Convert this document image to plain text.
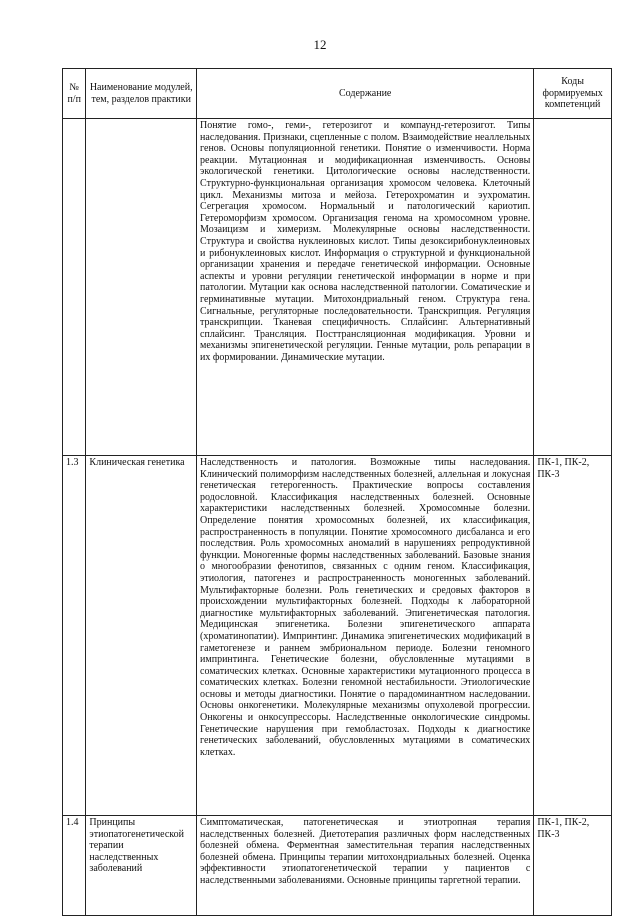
12
№ п/п	Наименование модулей, тем, разделов практики	Содержание	Коды формируемых компетенций
		Понятие гомо-, геми-, гетерозигот и компаунд-гетерозигот. Типы наследования. Признаки, сцепленные с полом. Взаимодействие неаллельных генов. Основы популяционной генетики. Понятие о изменчивости. Норма реакции. Мутационная и модификационная изменчивость. Основы экологической генетики. Цитологические основы наследственности. Структурно-функциональная организация хромосом человека. Клеточный цикл. Механизмы митоза и мейоза. Гетерохроматин и эухроматин. Сегрегация хромосом. Нормальный и патологический кариотип. Гетероморфизм хромосом. Организация генома на хромосомном уровне. Мозаицизм и химеризм. Молекулярные основы наследственности. Структура и свойства нуклеиновых кислот. Типы дезоксирибонуклеиновых и рибонуклеиновых кислот. Информация о структурной и функциональной организации хранения и передаче генетической информации. Основные аспекты и уровни регуляции генетической информации в норме и при патологии. Мутации как основа наследственной патологии. Соматические и герминативные мутации. Митохондриальный геном. Структура гена. Сигнальные, регуляторные последовательности. Транскрипция. Регуляция транскрипции. Тканевая специфичность. Сплайсинг. Альтернативный сплайсинг. Трансляция. Посттрансляционная модификация. Уровни и механизмы эпигенетической регуляции. Генные мутации, роль репарации в их формировании. Динамические мутации.	
1.3	Клиническая генетика	Наследственность и патология. Возможные типы наследования. Клинический полиморфизм наследственных болезней, аллельная и локусная генетическая гетерогенность. Практические вопросы составления родословной. Классификация наследственных болезней. Основные характеристики наследственных болезней. Хромосомные болезни. Определение понятия хромосомных болезней, их классификация, распространенность в популяции. Понятие хромосомного дисбаланса и его последствия. Роль хромосомных аномалий в нарушениях репродуктивной функции. Моногенные формы наследственных заболеваний. Базовые знания о многообразии фенотипов, связанных с одним геном. Классификация, этиология, патогенез и распространенность моногенных заболеваний. Мультифакторные болезни. Роль генетических и средовых факторов в происхождении мультифакторных болезней. Подходы к лабораторной диагностике мультифакторных заболеваний. Эпигенетическая патология. Медицинская эпигенетика. Болезни эпигенетического аппарата (хроматинопатии). Импринтинг. Динамика эпигенетических модификаций в гаметогенезе и раннем эмбриональном периоде. Болезни геномного импринтинга. Генетические болезни, обусловленные мутациями в соматических клетках. Основные характеристики мутационного процесса в соматических клетках. Болезни геномной нестабильности. Этиологические основы и методы диагностики. Понятие о парадоминантном наследовании. Основы онкогенетики. Молекулярные механизмы опухолевой прогрессии. Онкогены и онкосупрессоры. Наследственные онкологические синдромы. Генетические нарушения при гемобластозах. Подходы к диагностике генетических заболеваний, обусловленных мутациями в соматических клетках.	ПК-1, ПК-2, ПК-3
1.4	Принципы этиопатогенетической терапии наследственных заболеваний	Симптоматическая, патогенетическая и этиотропная терапия наследственных болезней. Диетотерапия различных форм наследственных болезней обмена. Ферментная заместительная терапия наследственных болезней обмена. Принципы терапии митохондриальных болезней. Оценка эффективности этиопатогенетической терапии у пациентов с наследственными заболеваниями. Основные принципы таргетной терапии.	ПК-1, ПК-2, ПК-3
